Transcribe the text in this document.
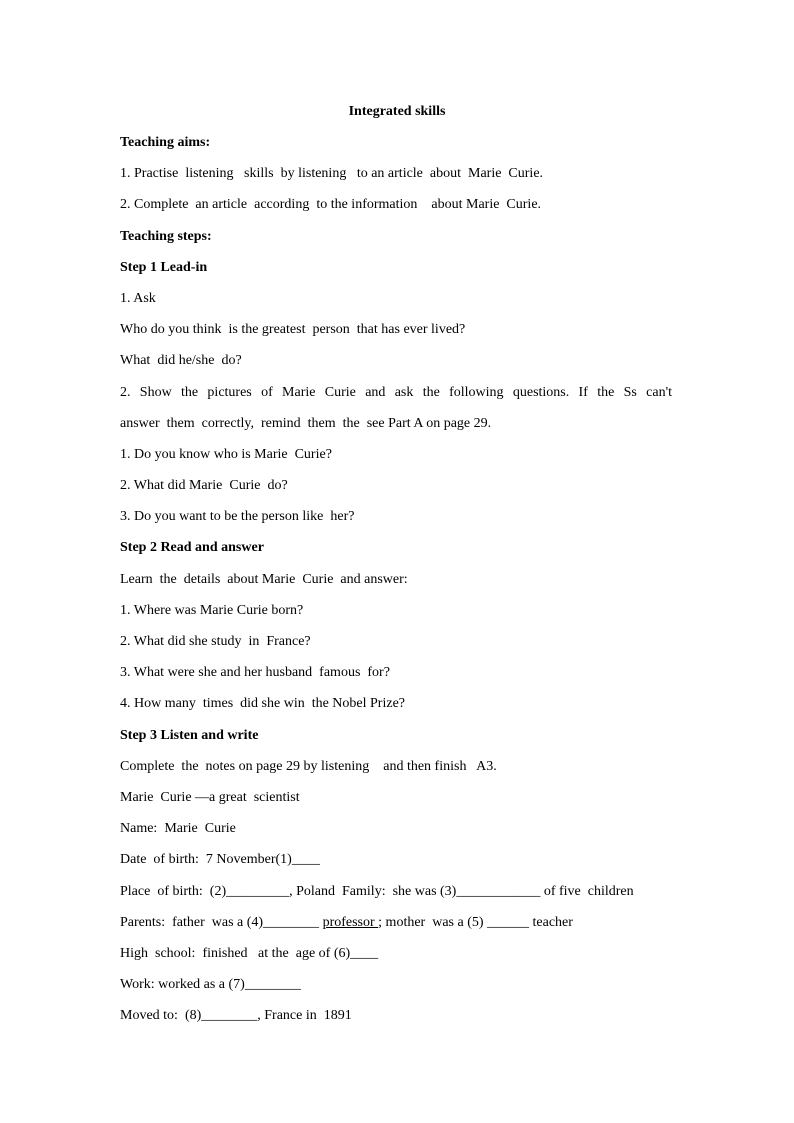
Integrated skills
Teaching aims:
1. Practise  listening   skills  by listening   to an article  about  Marie  Curie.
2. Complete  an article  according  to the information    about Marie  Curie.
Teaching steps:
Step 1 Lead-in
1. Ask
Who do you think  is the greatest  person  that has ever lived?
What  did he/she  do?
2. Show the pictures of Marie Curie and ask the following questions. If the Ss can't
answer  them  correctly,  remind  them  the  see Part A on page 29.
1. Do you know who is Marie  Curie?
2. What did Marie  Curie  do?
3. Do you want to be the person like  her?
Step 2 Read and answer
Learn  the  details  about Marie  Curie  and answer:
1. Where was Marie Curie born?
2. What did she study  in  France?
3. What were she and her husband  famous  for?
4. How many  times  did she win  the Nobel Prize?
Step 3 Listen and write
Complete  the  notes on page 29 by listening    and then finish   A3.
Marie  Curie —a great  scientist
Name:  Marie  Curie
Date  of birth:  7 November(1)____
Place  of birth:  (2)_________, Poland  Family:  she was (3)____________ of five  children
Parents:  father  was a (4)________ professor ; mother  was a (5) ______ teacher
High  school:  finished   at the  age of (6)____
Work: worked as a (7)________
Moved to:  (8)________, France in  1891
